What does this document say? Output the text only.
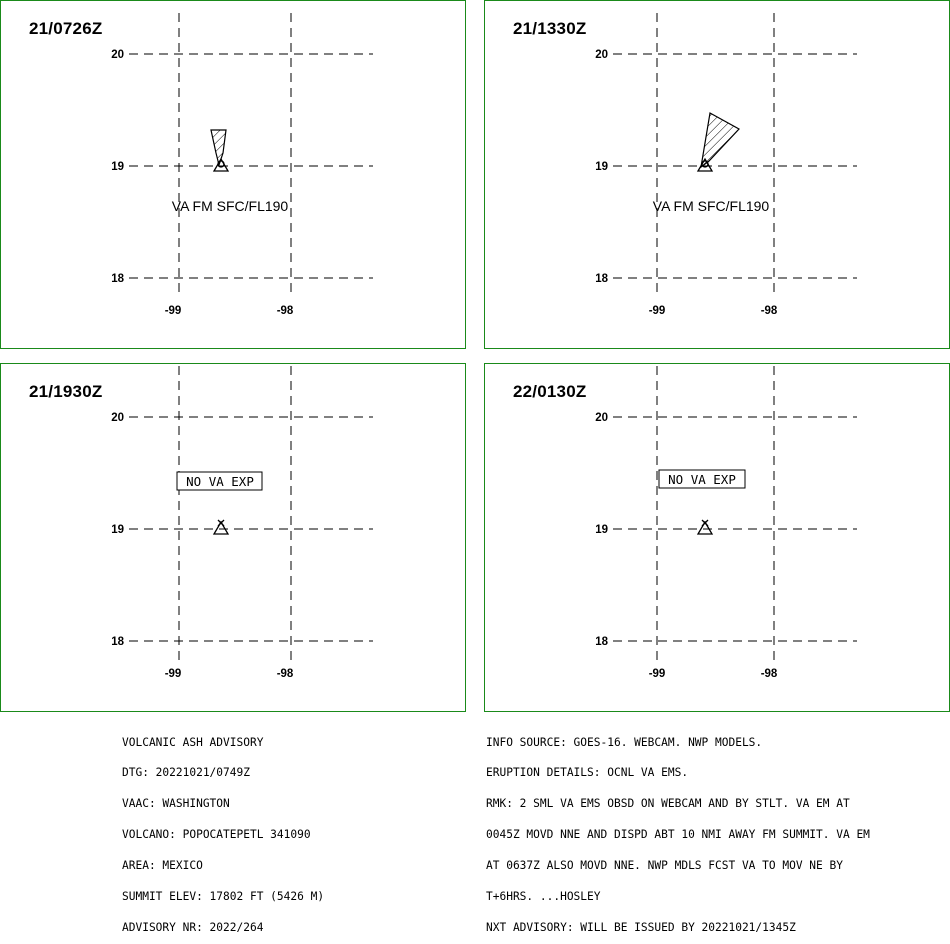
20
19
18
-99	-98
VA FM SFC/FL190
21/0726Z
20
19
18
-99	-98
VA FM SFC/FL190
21/1330Z
20
19
18
-99	-98
NO VA EXP
21/1930Z
20
19
18
-99	-98
NO VA EXP
22/0130Z

VOLCANIC ASH ADVISORY

DTG: 20221021/0749Z

VAAC: WASHINGTON

VOLCANO: POPOCATEPETL 341090

AREA: MEXICO

SUMMIT ELEV: 17802 FT (5426 M)

ADVISORY NR: 2022/264

INFO SOURCE: GOES-16. WEBCAM. NWP MODELS.

ERUPTION DETAILS: OCNL VA EMS.

RMK: 2 SML VA EMS OBSD ON WEBCAM AND BY STLT. VA EM AT

0045Z MOVD NNE AND DISPD ABT 10 NMI AWAY FM SUMMIT. VA EM

AT 0637Z ALSO MOVD NNE. NWP MDLS FCST VA TO MOV NE BY

T+6HRS. ...HOSLEY

NXT ADVISORY: WILL BE ISSUED BY 20221021/1345Z
